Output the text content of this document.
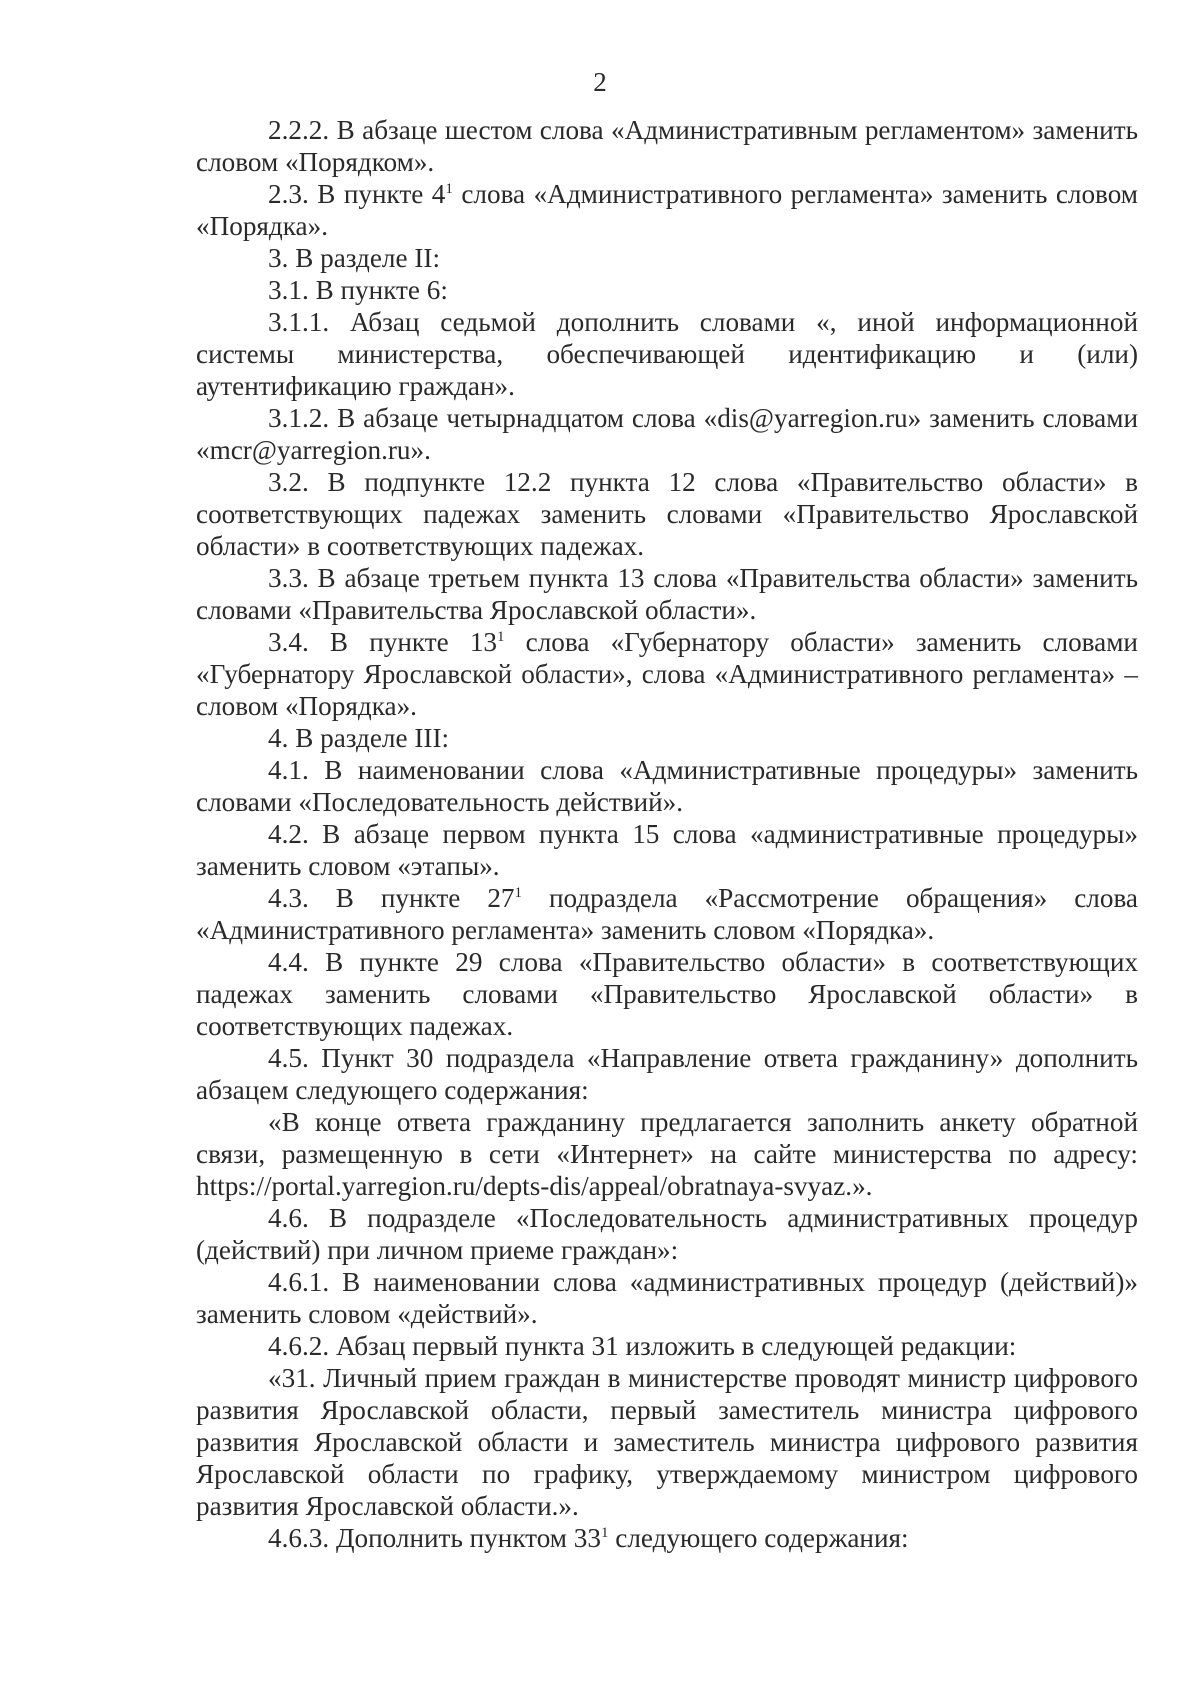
2

2.2.2. В абзаце шестом слова «Административным регламентом» заменить словом «Порядком».

2.3. В пункте $4^1$ слова «Административного регламента» заменить словом «Порядка».

3. В разделе II:

3.1. В пункте 6:

3.1.1. Абзац седьмой дополнить словами «, иной информационной системы министерства, обеспечивающей идентификацию и (или) аутентификацию граждан».

3.1.2. В абзаце четырнадцатом слова «dis@yarregion.ru» заменить словами «mcr@yarregion.ru».

3.2. В подпункте 12.2 пункта 12 слова «Правительство области» в соответствующих падежах заменить словами «Правительство Ярославской области» в соответствующих падежах.

3.3. В абзаце третьем пункта 13 слова «Правительства области» заменить словами «Правительства Ярославской области».

3.4. В пункте $13^1$ слова «Губернатору области» заменить словами «Губернатору Ярославской области», слова «Административного регламента» – словом «Порядка».

4. В разделе III:

4.1. В наименовании слова «Административные процедуры» заменить словами «Последовательность действий».

4.2. В абзаце первом пункта 15 слова «административные процедуры» заменить словом «этапы».

4.3. В пункте $27^1$ подраздела «Рассмотрение обращения» слова «Административного регламента» заменить словом «Порядка».

4.4. В пункте 29 слова «Правительство области» в соответствующих падежах заменить словами «Правительство Ярославской области» в соответствующих падежах.

4.5. Пункт 30 подраздела «Направление ответа гражданину» дополнить абзацем следующего содержания:

«В конце ответа гражданину предлагается заполнить анкету обратной связи, размещенную в сети «Интернет» на сайте министерства по адресу: https://portal.yarregion.ru/depts-dis/appeal/obratnaya-svyaz.».

4.6. В подразделе «Последовательность административных процедур (действий) при личном приеме граждан»:

4.6.1. В наименовании слова «административных процедур (действий)» заменить словом «действий».

4.6.2. Абзац первый пункта 31 изложить в следующей редакции:

«31. Личный прием граждан в министерстве проводят министр цифрового развития Ярославской области, первый заместитель министра цифрового развития Ярославской области и заместитель министра цифрового развития Ярославской области по графику, утверждаемому министром цифрового развития Ярославской области.».

4.6.3. Дополнить пунктом $33^1$ следующего содержания:
